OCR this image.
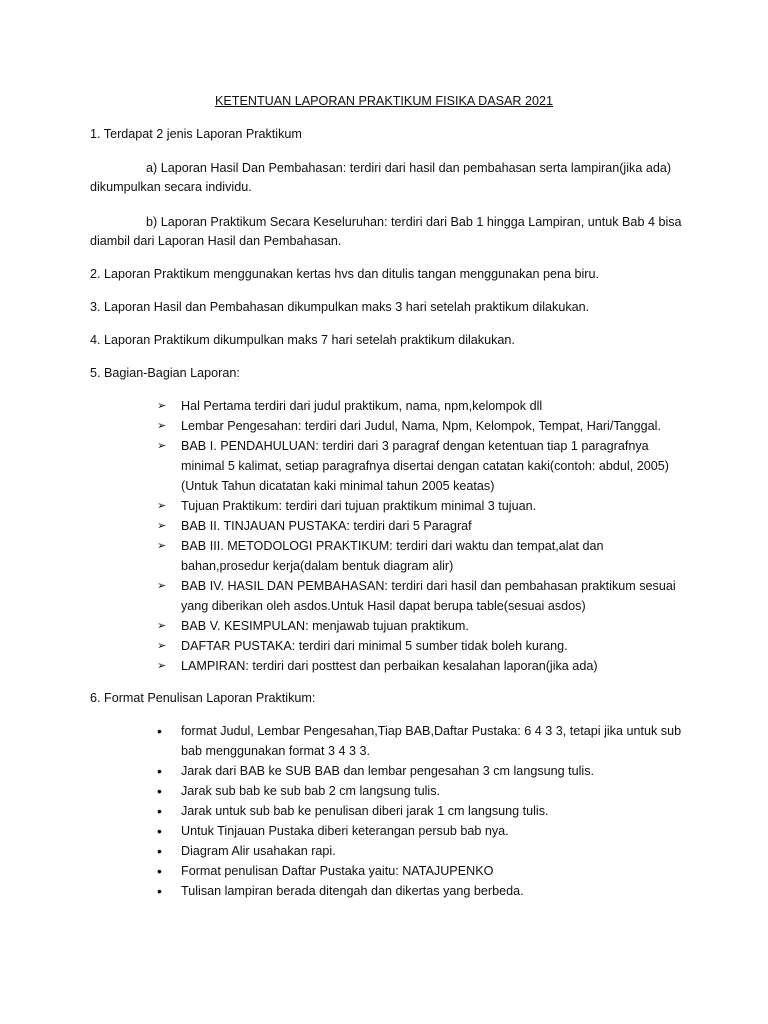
KETENTUAN LAPORAN PRAKTIKUM FISIKA DASAR 2021
1. Terdapat 2 jenis Laporan Praktikum
a) Laporan Hasil Dan Pembahasan: terdiri dari hasil dan pembahasan serta lampiran(jika ada)
dikumpulkan secara individu.
b) Laporan Praktikum Secara Keseluruhan: terdiri dari Bab 1 hingga Lampiran, untuk Bab 4 bisa
diambil dari Laporan Hasil dan Pembahasan.
2. Laporan Praktikum menggunakan kertas hvs dan ditulis tangan menggunakan pena biru.
3. Laporan Hasil dan Pembahasan dikumpulkan maks 3 hari setelah praktikum dilakukan.
4. Laporan Praktikum dikumpulkan maks 7 hari setelah praktikum dilakukan.
5. Bagian-Bagian Laporan:
➢	Hal Pertama terdiri dari judul praktikum, nama, npm,kelompok dll
➢	Lembar Pengesahan: terdiri dari Judul, Nama, Npm, Kelompok, Tempat, Hari/Tanggal.
➢	BAB I. PENDAHULUAN: terdiri dari 3 paragraf dengan ketentuan tiap 1 paragrafnya
minimal 5 kalimat, setiap paragrafnya disertai dengan catatan kaki(contoh: abdul, 2005)
(Untuk Tahun dicatatan kaki minimal tahun 2005 keatas)
➢	Tujuan Praktikum: terdiri dari tujuan praktikum minimal 3 tujuan.
➢	BAB II. TINJAUAN PUSTAKA: terdiri dari 5 Paragraf
➢	BAB III. METODOLOGI PRAKTIKUM: terdiri dari waktu dan tempat,alat dan
bahan,prosedur kerja(dalam bentuk diagram alir)
➢	BAB IV. HASIL DAN PEMBAHASAN: terdiri dari hasil dan pembahasan praktikum sesuai
yang diberikan oleh asdos.Untuk Hasil dapat berupa table(sesuai asdos)
➢	BAB V. KESIMPULAN: menjawab tujuan praktikum.
➢	DAFTAR PUSTAKA: terdiri dari minimal 5 sumber tidak boleh kurang.
➢	LAMPIRAN: terdiri dari posttest dan perbaikan kesalahan laporan(jika ada)
6. Format Penulisan Laporan Praktikum:
•	format Judul, Lembar Pengesahan,Tiap BAB,Daftar Pustaka: 6 4 3 3, tetapi jika untuk sub
bab menggunakan format 3 4 3 3.
•	Jarak dari BAB ke SUB BAB dan lembar pengesahan 3 cm langsung tulis.
•	Jarak sub bab ke sub bab 2 cm langsung tulis.
•	Jarak untuk sub bab ke penulisan diberi jarak 1 cm langsung tulis.
•	Untuk Tinjauan Pustaka diberi keterangan persub bab nya.
•	Diagram Alir usahakan rapi.
•	Format penulisan Daftar Pustaka yaitu: NATAJUPENKO
•	Tulisan lampiran berada ditengah dan dikertas yang berbeda.
